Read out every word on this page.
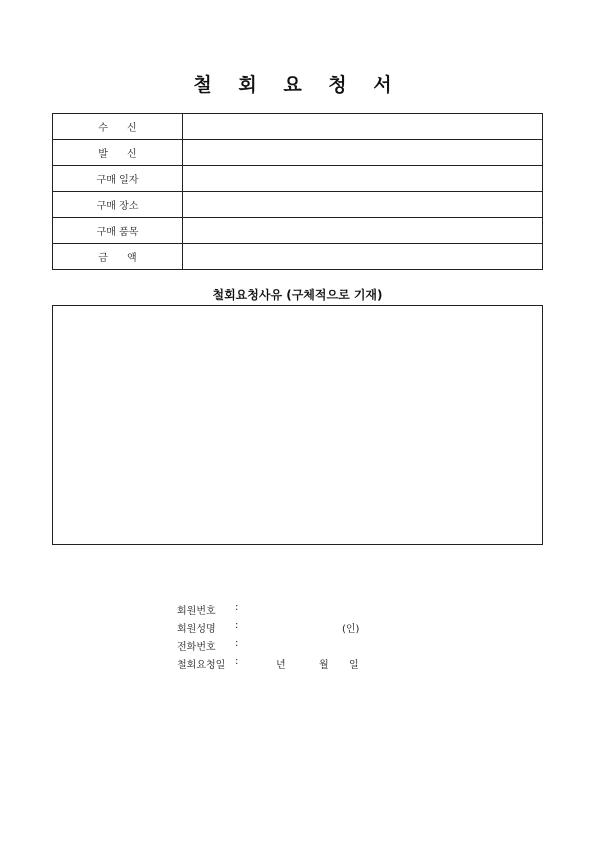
철 회 요 청 서
수      신	
발      신	
구매 일자	
구매 장소	
구매 품목	
금      액	
철회요청사유 (구체적으로 기재)
회원번호 :
회원성명 :	(인)
전화번호 :
철회요청일 :	년	월 일
